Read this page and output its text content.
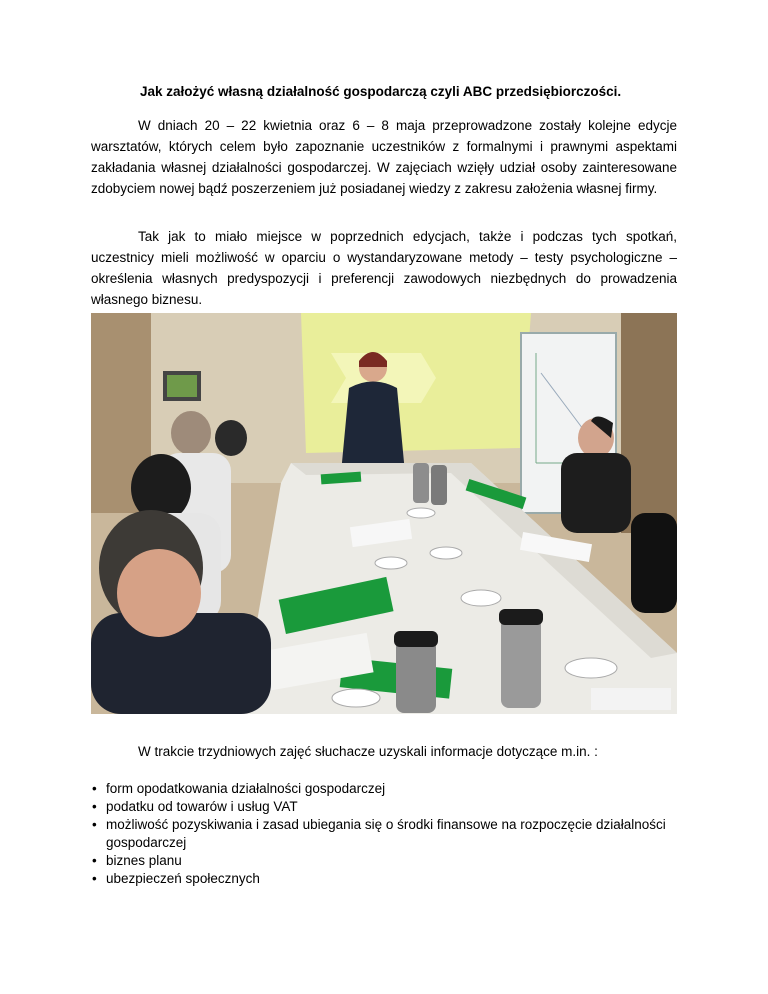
Jak założyć własną działalność gospodarczą czyli ABC przedsiębiorczości.

W dniach 20 – 22 kwietnia oraz 6 – 8 maja przeprowadzone zostały kolejne edycje warsztatów, których celem było zapoznanie uczestników z formalnymi i prawnymi aspektami zakładania własnej działalności gospodarczej. W zajęciach wzięły udział osoby zainteresowane zdobyciem nowej bądź poszerzeniem już posiadanej wiedzy z zakresu założenia własnej firmy.

Tak jak to miało miejsce w poprzednich edycjach, także i podczas tych spotkań, uczestnicy mieli możliwość w oparciu o wystandaryzowane metody – testy psychologiczne – określenia własnych predyspozycji i preferencji zawodowych niezbędnych do prowadzenia własnego biznesu.

W trakcie trzydniowych zajęć słuchacze uzyskali informacje dotyczące m.in. :

• form opodatkowania działalności gospodarczej
• podatku od towarów i usług VAT
• możliwość pozyskiwania i zasad ubiegania się o środki finansowe na rozpoczęcie działalności gospodarczej
• biznes planu
• ubezpieczeń społecznych
